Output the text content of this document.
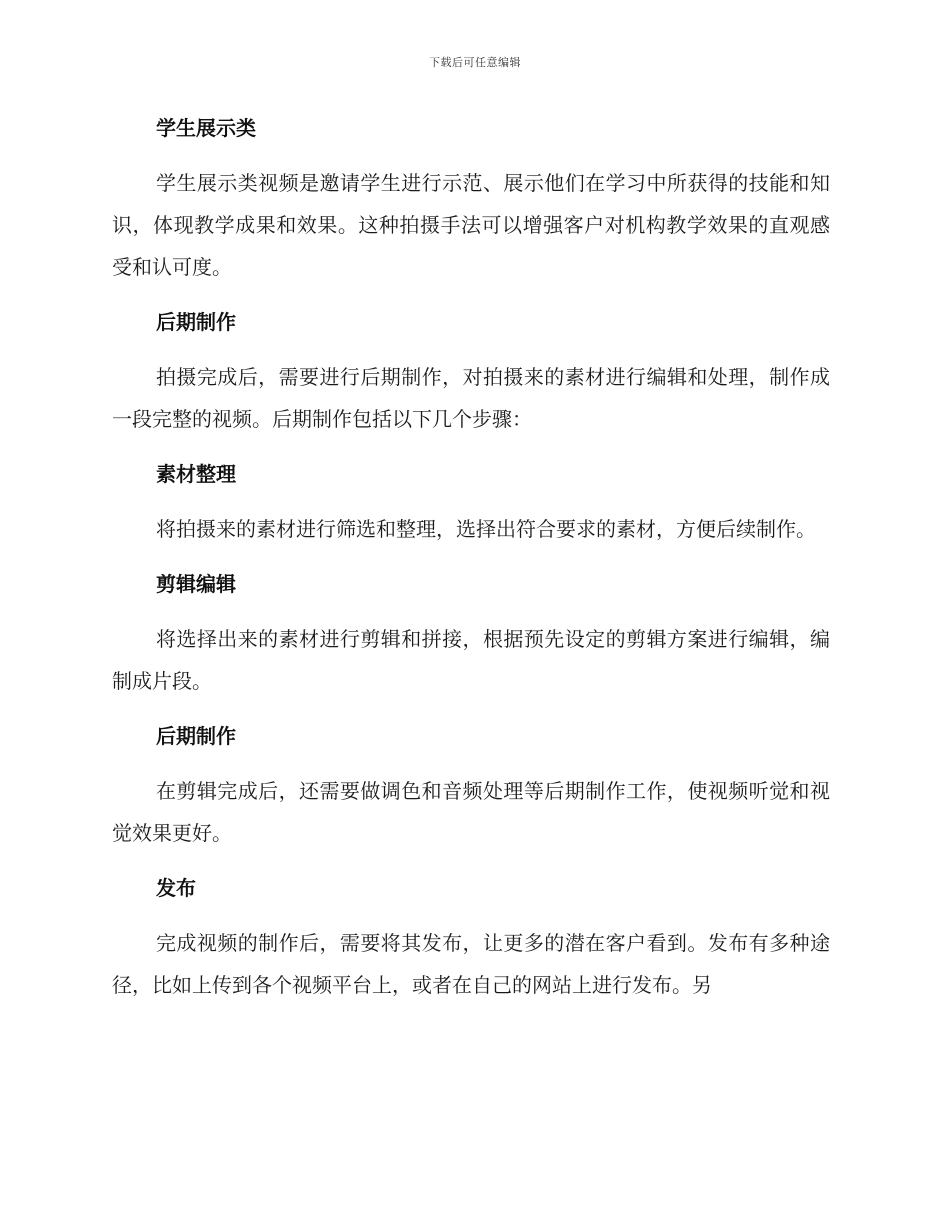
下载后可任意编辑
学生展示类

学生展示类视频是邀请学生进行示范、展示他们在学习中所获得的技能和知识，体现教学成果和效果。这种拍摄手法可以增强客户对机构教学效果的直观感受和认可度。

后期制作

拍摄完成后，需要进行后期制作，对拍摄来的素材进行编辑和处理，制作成一段完整的视频。后期制作包括以下几个步骤：

素材整理

将拍摄来的素材进行筛选和整理，选择出符合要求的素材，方便后续制作。

剪辑编辑

将选择出来的素材进行剪辑和拼接，根据预先设定的剪辑方案进行编辑，编制成片段。

后期制作

在剪辑完成后，还需要做调色和音频处理等后期制作工作，使视频听觉和视觉效果更好。

发布

完成视频的制作后，需要将其发布，让更多的潜在客户看到。发布有多种途径，比如上传到各个视频平台上，或者在自己的网站上进行发布。另
